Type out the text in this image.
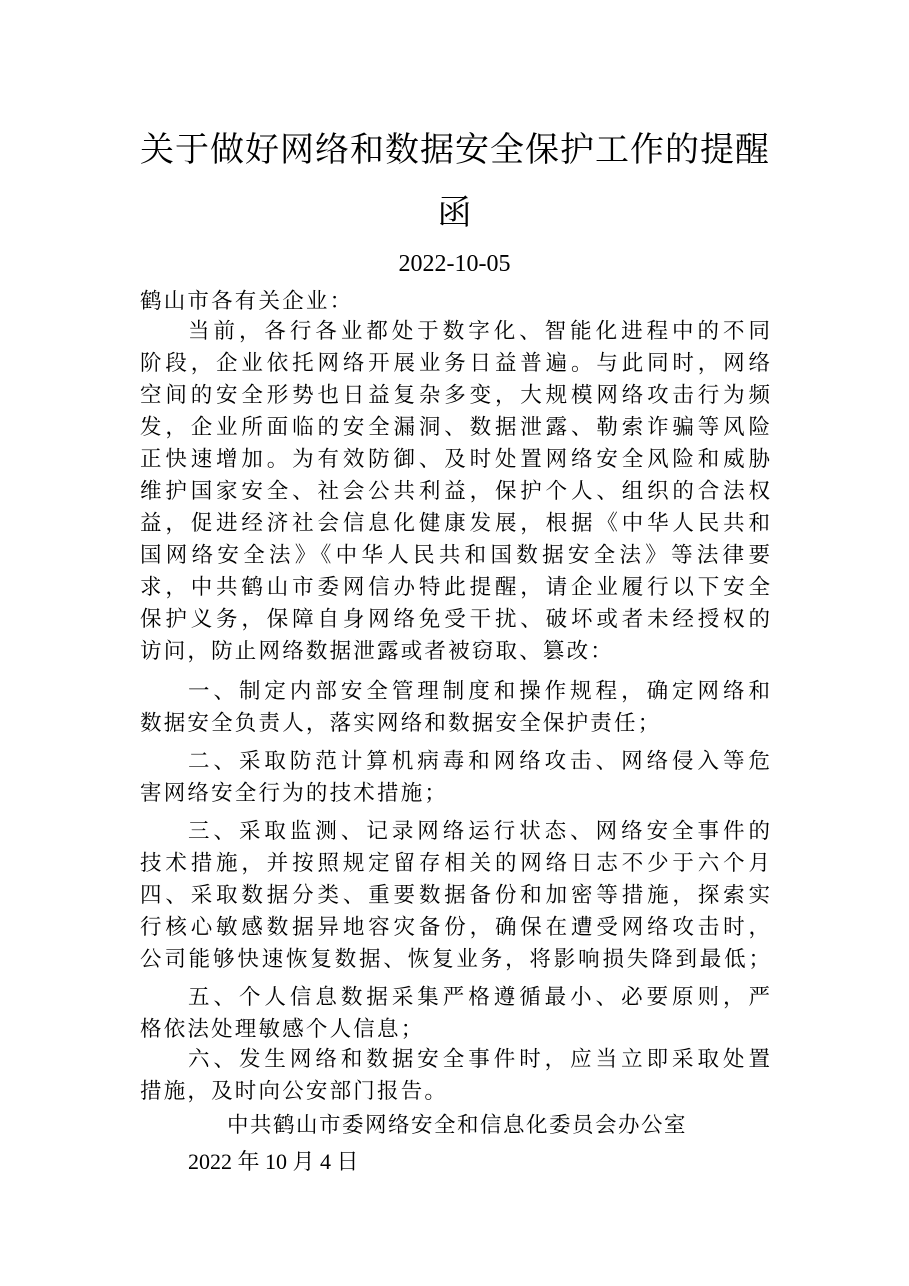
关于做好网络和数据安全保护工作的提醒
函
2022-10-05
鹤山市各有关企业：
当前，各行各业都处于数字化、智能化进程中的不同
阶段，企业依托网络开展业务日益普遍。与此同时，网络
空间的安全形势也日益复杂多变，大规模网络攻击行为频
发，企业所面临的安全漏洞、数据泄露、勒索诈骗等风险
正快速增加。为有效防御、及时处置网络安全风险和威胁
维护国家安全、社会公共利益，保护个人、组织的合法权
益，促进经济社会信息化健康发展，根据《中华人民共和
国网络安全法》《中华人民共和国数据安全法》等法律要
求，中共鹤山市委网信办特此提醒，请企业履行以下安全
保护义务，保障自身网络免受干扰、破坏或者未经授权的
访问，防止网络数据泄露或者被窃取、篡改：
一、制定内部安全管理制度和操作规程，确定网络和
数据安全负责人，落实网络和数据安全保护责任；
二、采取防范计算机病毒和网络攻击、网络侵入等危
害网络安全行为的技术措施；
三、采取监测、记录网络运行状态、网络安全事件的
技术措施，并按照规定留存相关的网络日志不少于六个月
四、采取数据分类、重要数据备份和加密等措施，探索实
行核心敏感数据异地容灾备份，确保在遭受网络攻击时，
公司能够快速恢复数据、恢复业务，将影响损失降到最低；
五、个人信息数据采集严格遵循最小、必要原则，严
格依法处理敏感个人信息；
六、发生网络和数据安全事件时，应当立即采取处置
措施，及时向公安部门报告。
中共鹤山市委网络安全和信息化委员会办公室
2022 年 10 月 4 日
